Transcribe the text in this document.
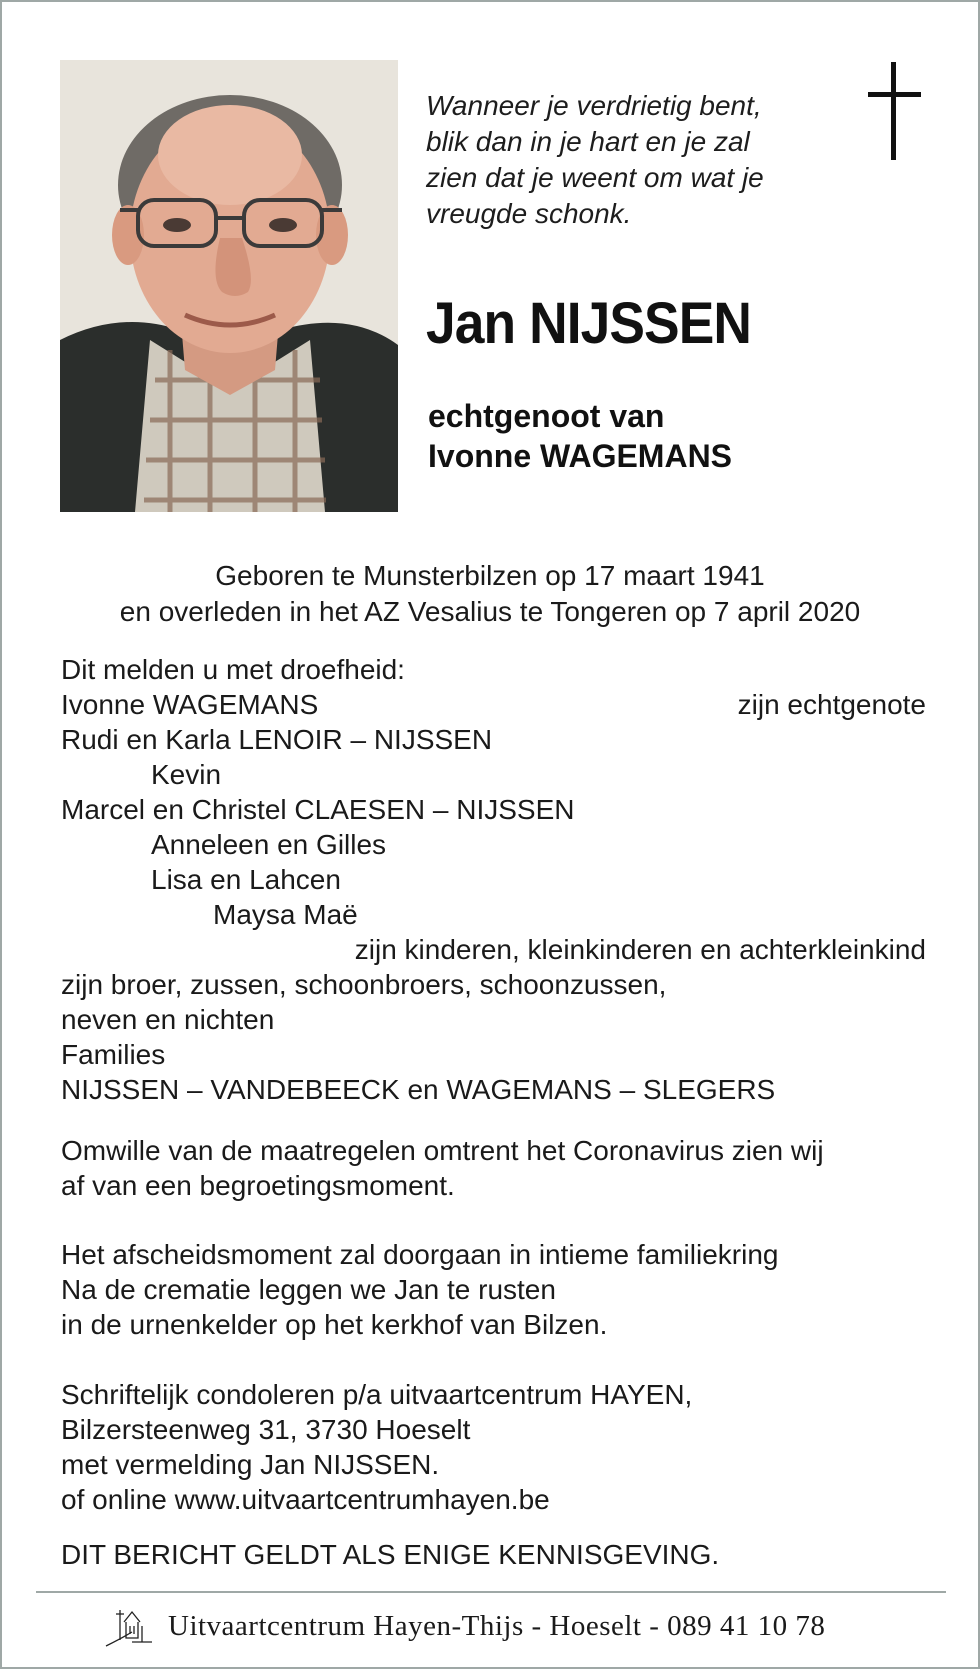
Wanneer je verdrietig bent,
blik dan in je hart en je zal
zien dat je weent om wat je
vreugde schonk.
Jan NIJSSEN
echtgenoot van
Ivonne WAGEMANS
Geboren te Munsterbilzen op 17 maart 1941
en overleden in het AZ Vesalius te Tongeren op 7 april 2020
Dit melden u met droefheid:
Ivonne WAGEMANS	zijn echtgenote
Rudi en Karla LENOIR – NIJSSEN
Kevin
Marcel en Christel CLAESEN – NIJSSEN
Anneleen en Gilles
Lisa en Lahcen
Maysa Maë
zijn kinderen, kleinkinderen en achterkleinkind
zijn broer, zussen, schoonbroers, schoonzussen,
neven en nichten
Families
NIJSSEN – VANDEBEECK en WAGEMANS – SLEGERS
Omwille van de maatregelen omtrent het Coronavirus zien wij
af van een begroetingsmoment.
Het afscheidsmoment zal doorgaan in intieme familiekring
Na de crematie leggen we Jan te rusten
in de urnenkelder op het kerkhof van Bilzen.
Schriftelijk condoleren p/a uitvaartcentrum HAYEN,
Bilzersteenweg 31, 3730 Hoeselt
met vermelding Jan NIJSSEN.
of online www.uitvaartcentrumhayen.be
DIT BERICHT GELDT ALS ENIGE KENNISGEVING.
Uitvaartcentrum Hayen-Thijs - Hoeselt - 089 41 10 78
